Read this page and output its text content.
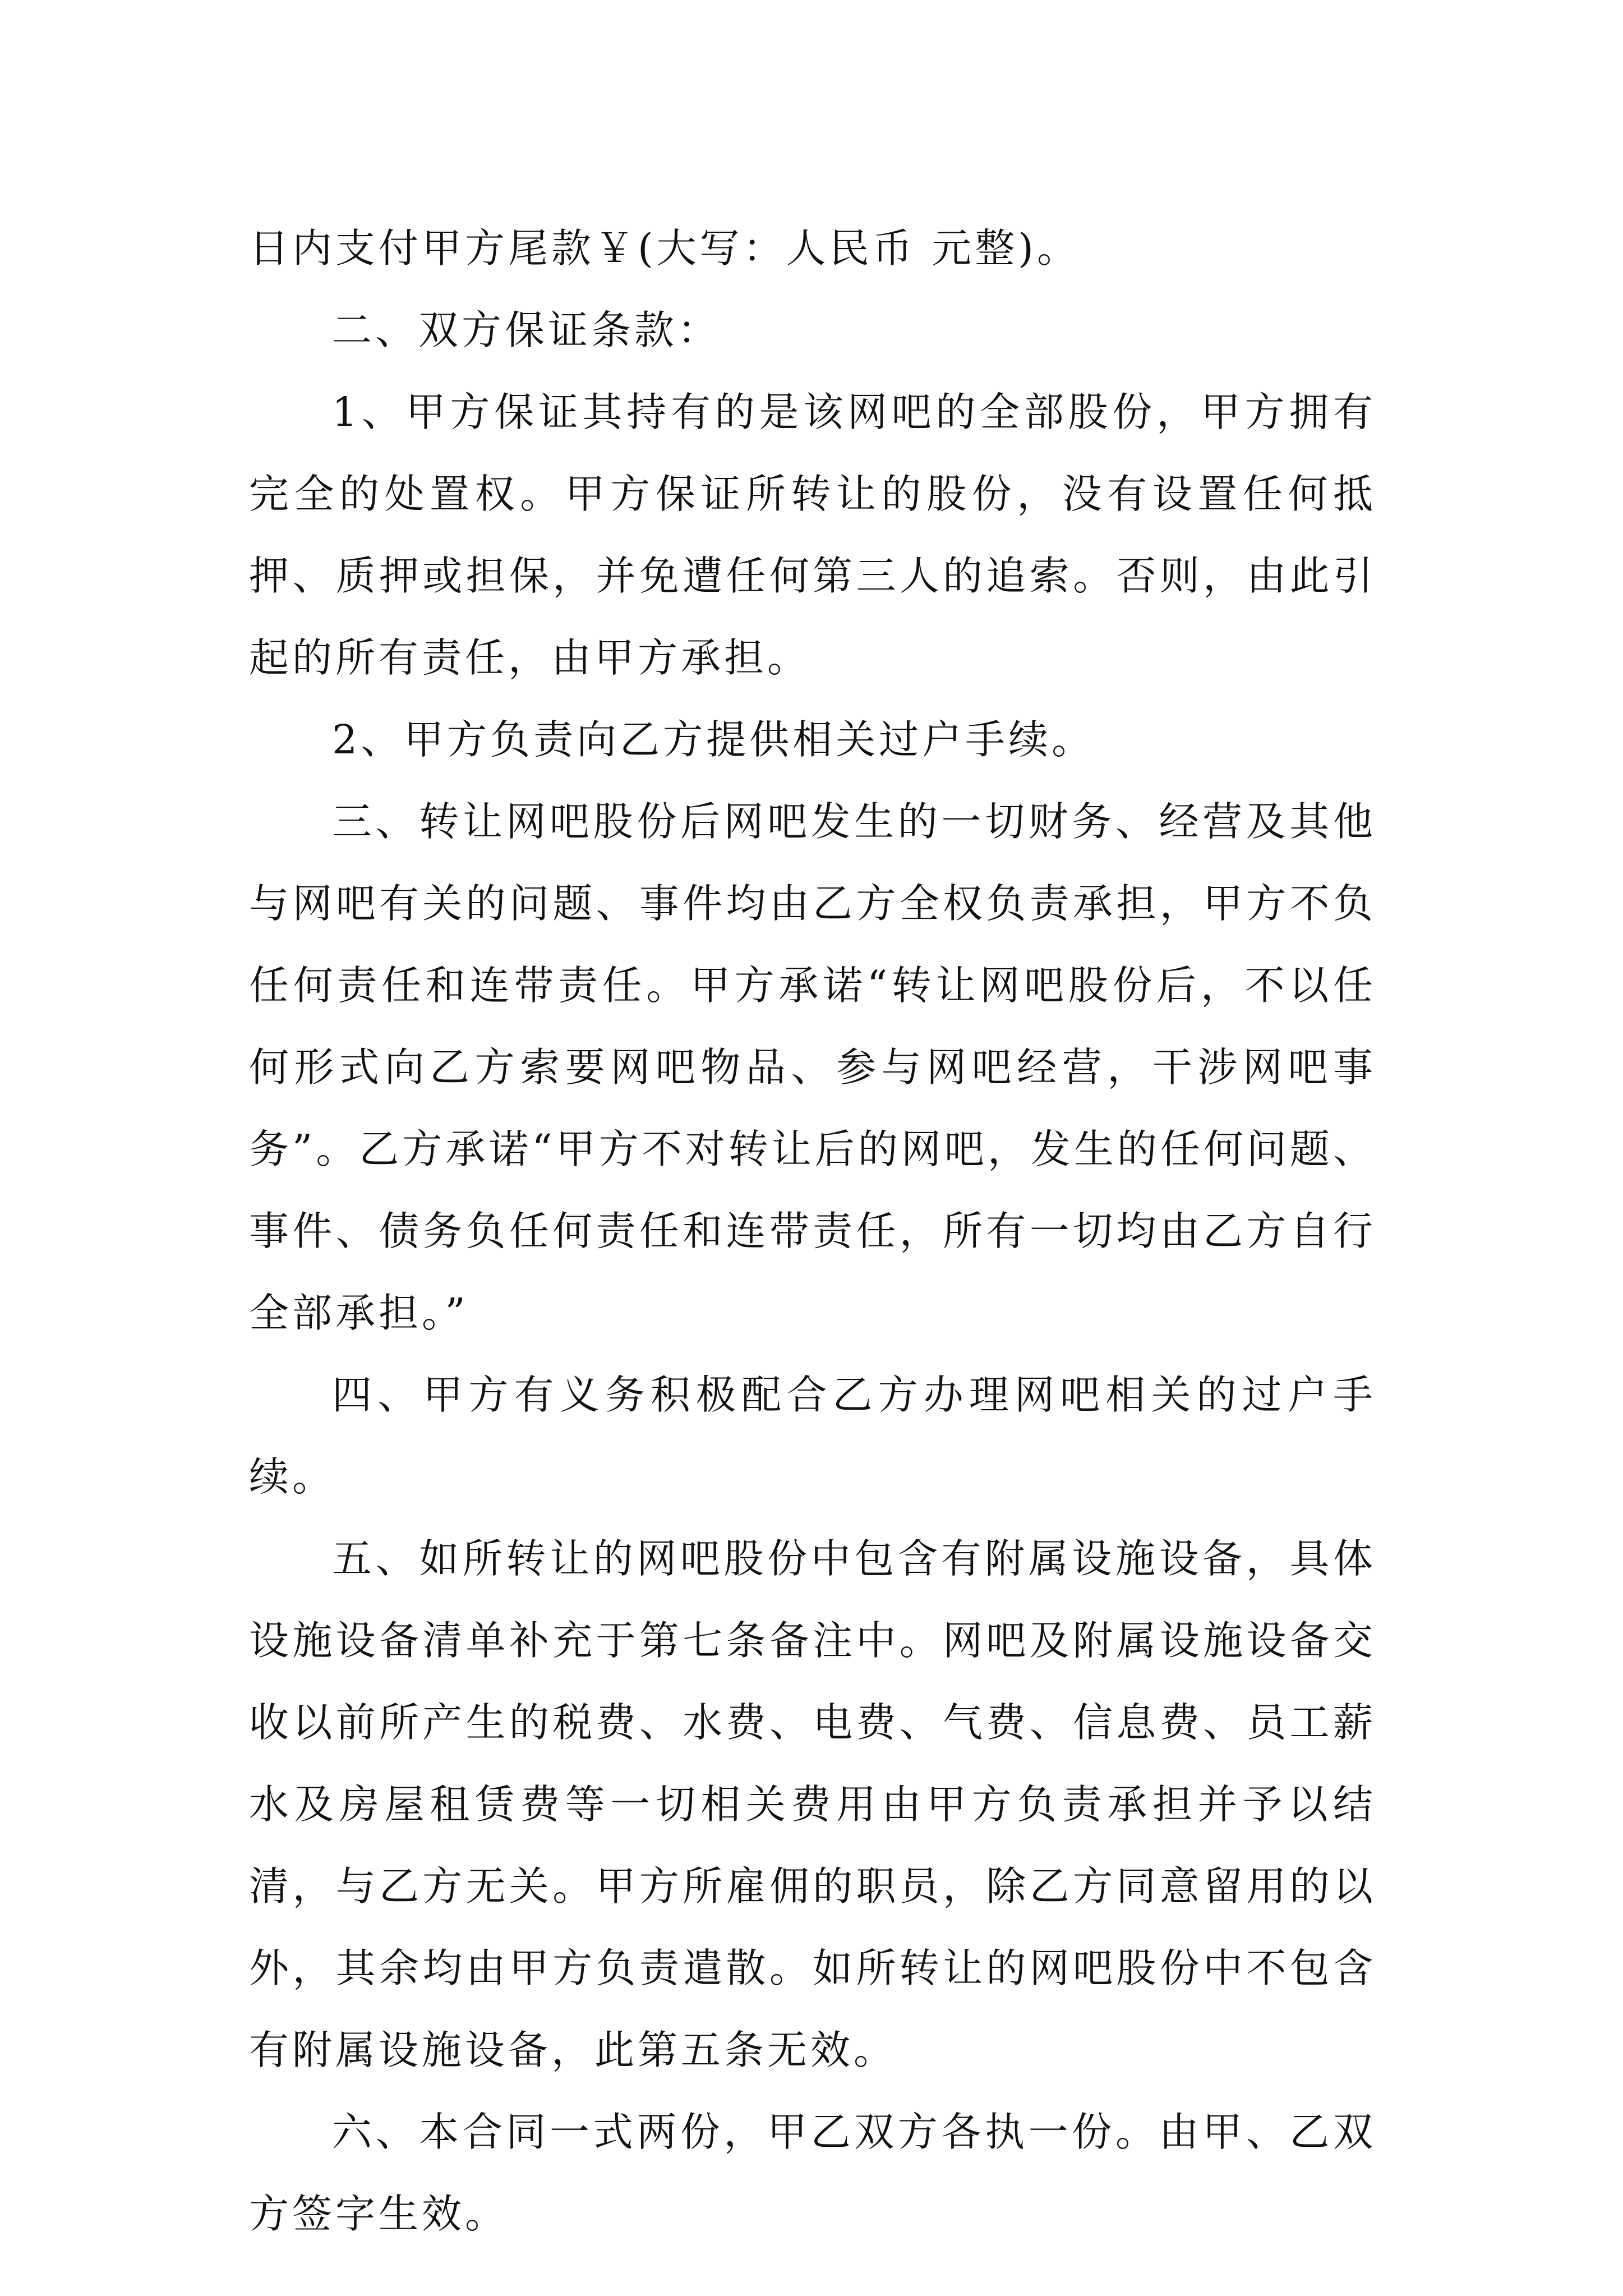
日内支付甲方尾款￥(大写：人民币 元整)。

二、双方保证条款：

1、甲方保证其持有的是该网吧的全部股份，甲方拥有完全的处置权。甲方保证所转让的股份，没有设置任何抵押、质押或担保，并免遭任何第三人的追索。否则，由此引起的所有责任，由甲方承担。

2、甲方负责向乙方提供相关过户手续。

三、转让网吧股份后网吧发生的一切财务、经营及其他与网吧有关的问题、事件均由乙方全权负责承担，甲方不负任何责任和连带责任。甲方承诺“转让网吧股份后，不以任何形式向乙方索要网吧物品、参与网吧经营，干涉网吧事务”。乙方承诺“甲方不对转让后的网吧，发生的任何问题、事件、债务负任何责任和连带责任，所有一切均由乙方自行全部承担。”

四、甲方有义务积极配合乙方办理网吧相关的过户手续。

五、如所转让的网吧股份中包含有附属设施设备，具体设施设备清单补充于第七条备注中。网吧及附属设施设备交收以前所产生的税费、水费、电费、气费、信息费、员工薪水及房屋租赁费等一切相关费用由甲方负责承担并予以结清，与乙方无关。甲方所雇佣的职员，除乙方同意留用的以外，其余均由甲方负责遣散。如所转让的网吧股份中不包含有附属设施设备，此第五条无效。

六、本合同一式两份，甲乙双方各执一份。由甲、乙双方签字生效。
